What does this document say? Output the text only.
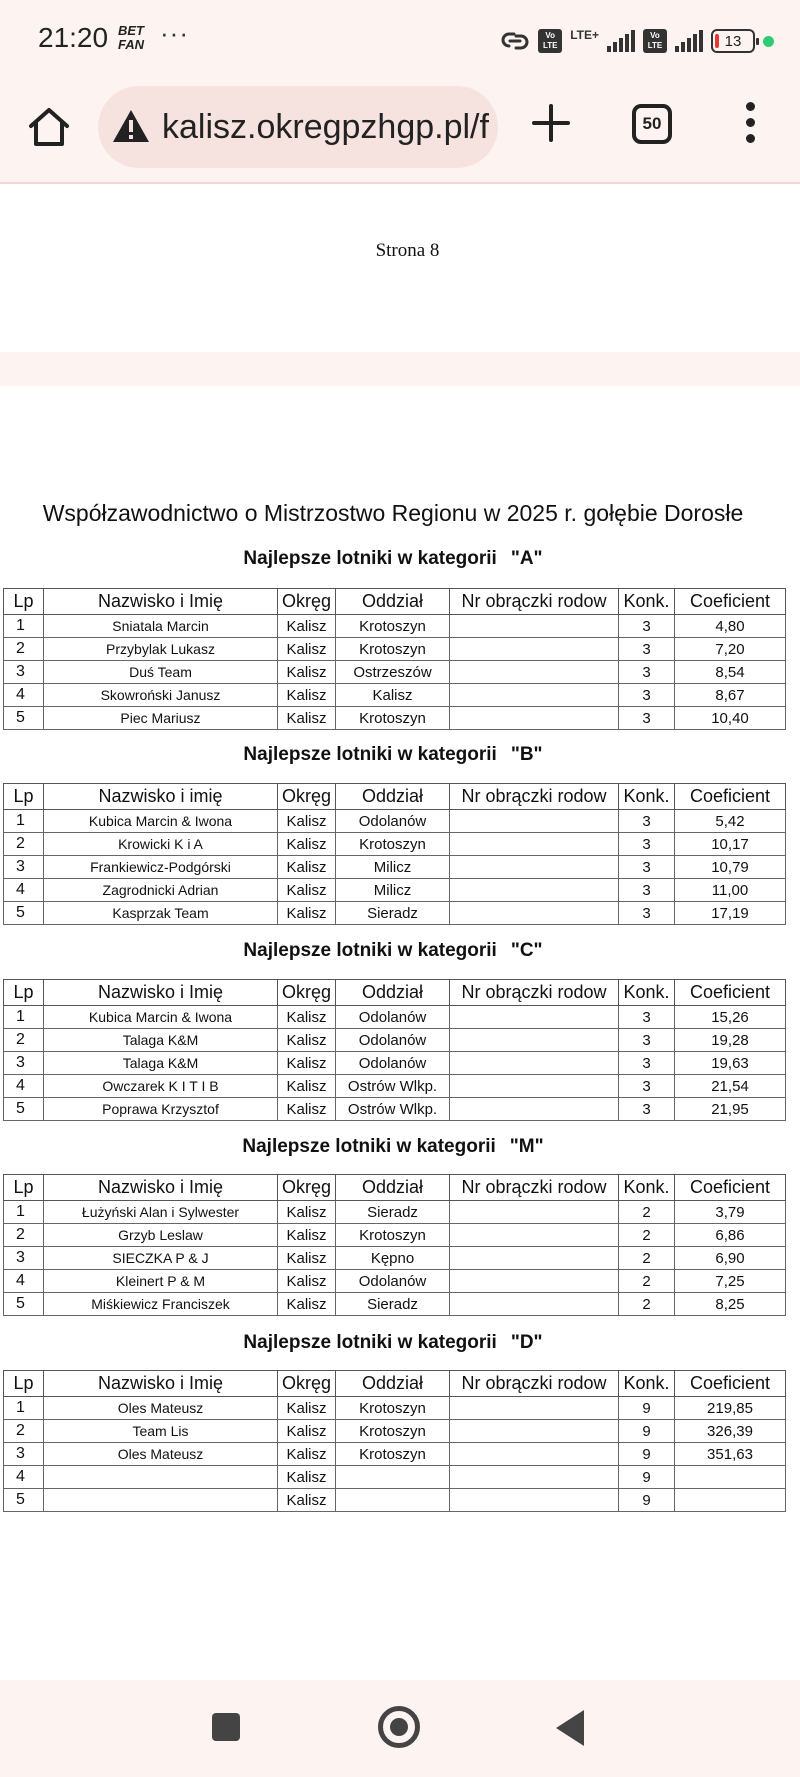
21:20 BET FAN ···	Vo LTE
LTE+	Vo LTE	13
kalisz.okregpzhgp.pl/f	50
Strona 8
Współzawodnictwo o Mistrzostwo Regionu w 2025 r. gołębie Dorosłe
Najlepsze lotniki w kategorii "A"
Lp	Nazwisko i Imię	Okręg	Oddział	Nr obrączki rodow	Konk.	Coeficient
1	Sniatala Marcin	Kalisz	Krotoszyn		3	4,80
2	Przybylak Lukasz	Kalisz	Krotoszyn		3	7,20
3	Duś Team	Kalisz	Ostrzeszów		3	8,54
4	Skowroński Janusz	Kalisz	Kalisz		3	8,67
5	Piec Mariusz	Kalisz	Krotoszyn		3	10,40
Najlepsze lotniki w kategorii "B"
Lp	Nazwisko i imię	Okręg	Oddział	Nr obrączki rodow	Konk.	Coeficient
1	Kubica Marcin & Iwona	Kalisz	Odolanów		3	5,42
2	Krowicki K i A	Kalisz	Krotoszyn		3	10,17
3	Frankiewicz-Podgórski	Kalisz	Milicz		3	10,79
4	Zagrodnicki Adrian	Kalisz	Milicz		3	11,00
5	Kasprzak Team	Kalisz	Sieradz		3	17,19
Najlepsze lotniki w kategorii "C"
Lp	Nazwisko i Imię	Okręg	Oddział	Nr obrączki rodow	Konk.	Coeficient
1	Kubica Marcin & Iwona	Kalisz	Odolanów		3	15,26
2	Talaga K&M	Kalisz	Odolanów		3	19,28
3	Talaga K&M	Kalisz	Odolanów		3	19,63
4	Owczarek K I T I B	Kalisz	Ostrów Wlkp.		3	21,54
5	Poprawa Krzysztof	Kalisz	Ostrów Wlkp.		3	21,95
Najlepsze lotniki w kategorii "M"
Lp	Nazwisko i Imię	Okręg	Oddział	Nr obrączki rodow	Konk.	Coeficient
1	Łużyński Alan i Sylwester	Kalisz	Sieradz		2	3,79
2	Grzyb Leslaw	Kalisz	Krotoszyn		2	6,86
3	SIECZKA P & J	Kalisz	Kępno		2	6,90
4	Kleinert P & M	Kalisz	Odolanów		2	7,25
5	Miśkiewicz Franciszek	Kalisz	Sieradz		2	8,25
Najlepsze lotniki w kategorii "D"
Lp	Nazwisko i Imię	Okręg	Oddział	Nr obrączki rodow	Konk.	Coeficient
1	Oles Mateusz	Kalisz	Krotoszyn		9	219,85
2	Team Lis	Kalisz	Krotoszyn		9	326,39
3	Oles Mateusz	Kalisz	Krotoszyn		9	351,63
4		Kalisz			9	
5		Kalisz			9	
